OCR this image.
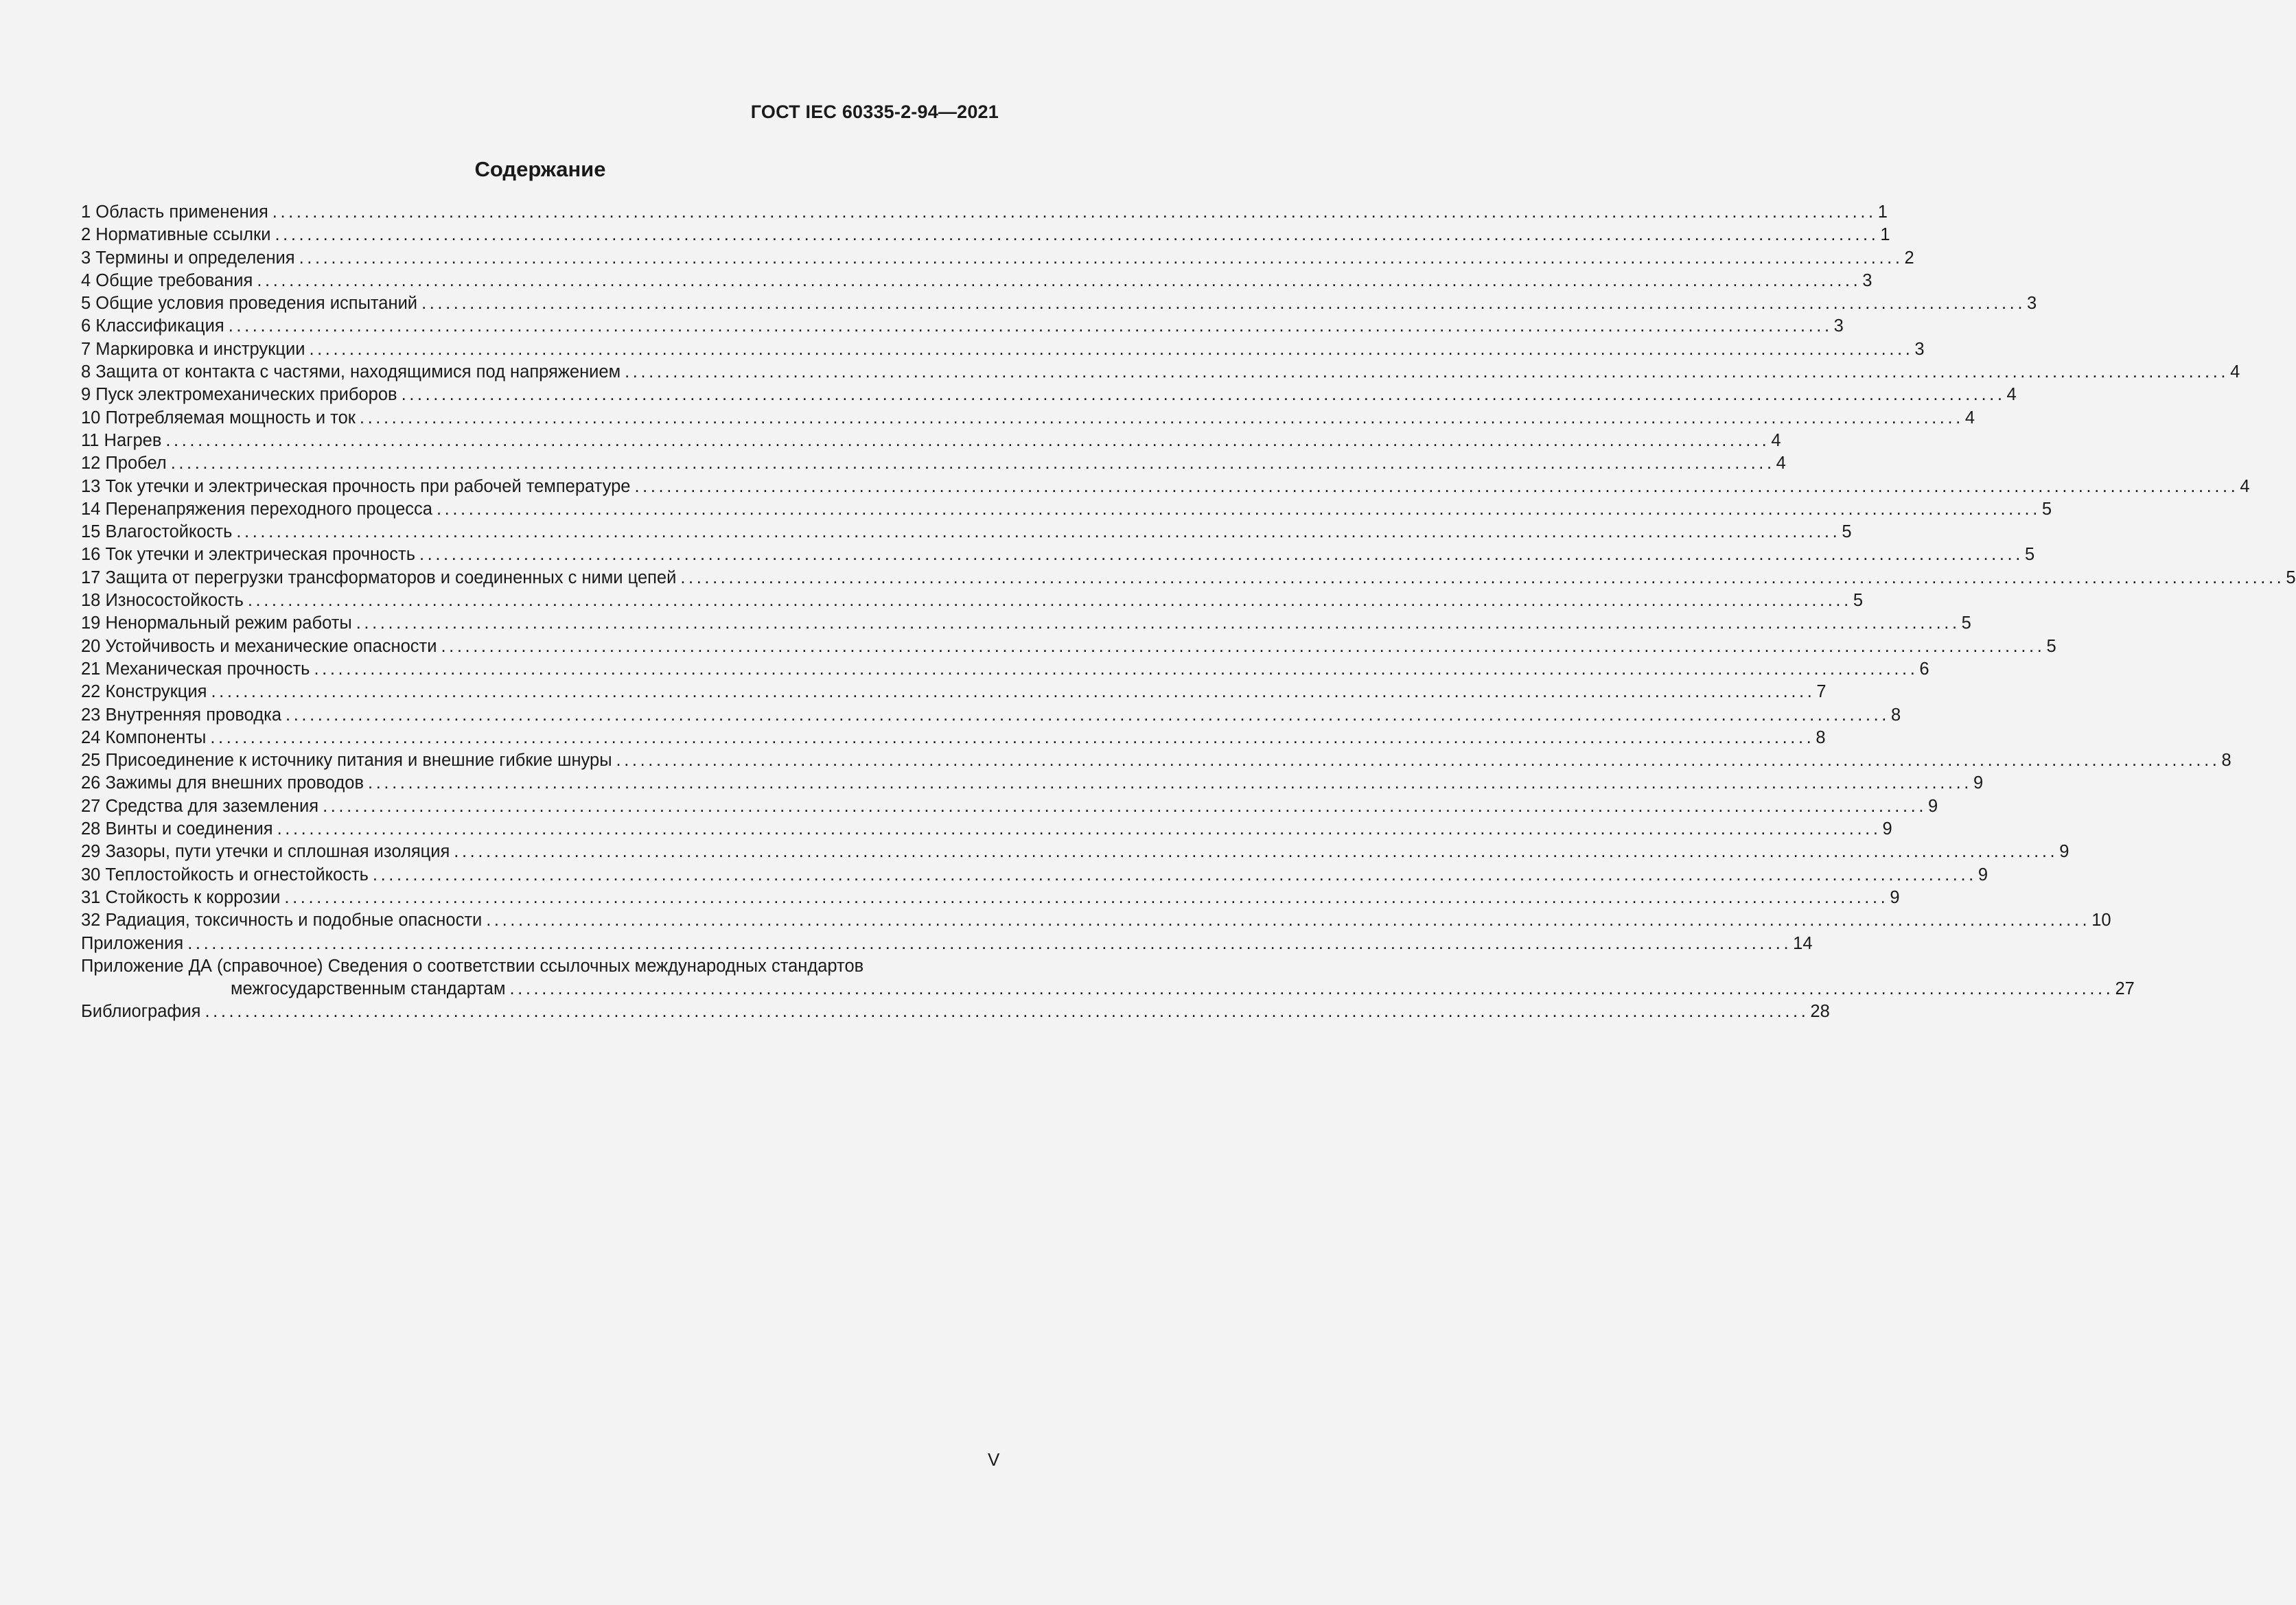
ГОСТ IEC 60335-2-94—2021
Содержание
1 Область применения ........................................................................................................................................................................................................ 1
2 Нормативные ссылки ........................................................................................................................................................................................................ 1
3 Термины и определения ........................................................................................................................................................................................................ 2
4 Общие требования ........................................................................................................................................................................................................ 3
5 Общие условия проведения испытаний ........................................................................................................................................................................................................ 3
6 Классификация ........................................................................................................................................................................................................ 3
7 Маркировка и инструкции ........................................................................................................................................................................................................ 3
8 Защита от контакта с частями, находящимися под напряжением ........................................................................................................................................................................................................ 4
9 Пуск электромеханических приборов ........................................................................................................................................................................................................ 4
10 Потребляемая мощность и ток ........................................................................................................................................................................................................ 4
11 Нагрев ........................................................................................................................................................................................................ 4
12 Пробел ........................................................................................................................................................................................................ 4
13 Ток утечки и электрическая прочность при рабочей температуре ........................................................................................................................................................................................................ 4
14 Перенапряжения переходного процесса ........................................................................................................................................................................................................ 5
15 Влагостойкость ........................................................................................................................................................................................................ 5
16 Ток утечки и электрическая прочность ........................................................................................................................................................................................................ 5
17 Защита от перегрузки трансформаторов и соединенных с ними цепей ........................................................................................................................................................................................................ 5
18 Износостойкость ........................................................................................................................................................................................................ 5
19 Ненормальный режим работы ........................................................................................................................................................................................................ 5
20 Устойчивость и механические опасности ........................................................................................................................................................................................................ 5
21 Механическая прочность ........................................................................................................................................................................................................ 6
22 Конструкция ........................................................................................................................................................................................................ 7
23 Внутренняя проводка ........................................................................................................................................................................................................ 8
24 Компоненты ........................................................................................................................................................................................................ 8
25 Присоединение к источнику питания и внешние гибкие шнуры ........................................................................................................................................................................................................ 8
26 Зажимы для внешних проводов ........................................................................................................................................................................................................ 9
27 Средства для заземления ........................................................................................................................................................................................................ 9
28 Винты и соединения ........................................................................................................................................................................................................ 9
29 Зазоры, пути утечки и сплошная изоляция ........................................................................................................................................................................................................ 9
30 Теплостойкость и огнестойкость ........................................................................................................................................................................................................ 9
31 Стойкость к коррозии ........................................................................................................................................................................................................ 9
32 Радиация, токсичность и подобные опасности ........................................................................................................................................................................................................ 10
Приложения ........................................................................................................................................................................................................ 14
Приложение ДА (справочное) Сведения о соответствии ссылочных международных стандартов
межгосударственным стандартам ........................................................................................................................................................................................................ 27
Библиография ........................................................................................................................................................................................................ 28
V
